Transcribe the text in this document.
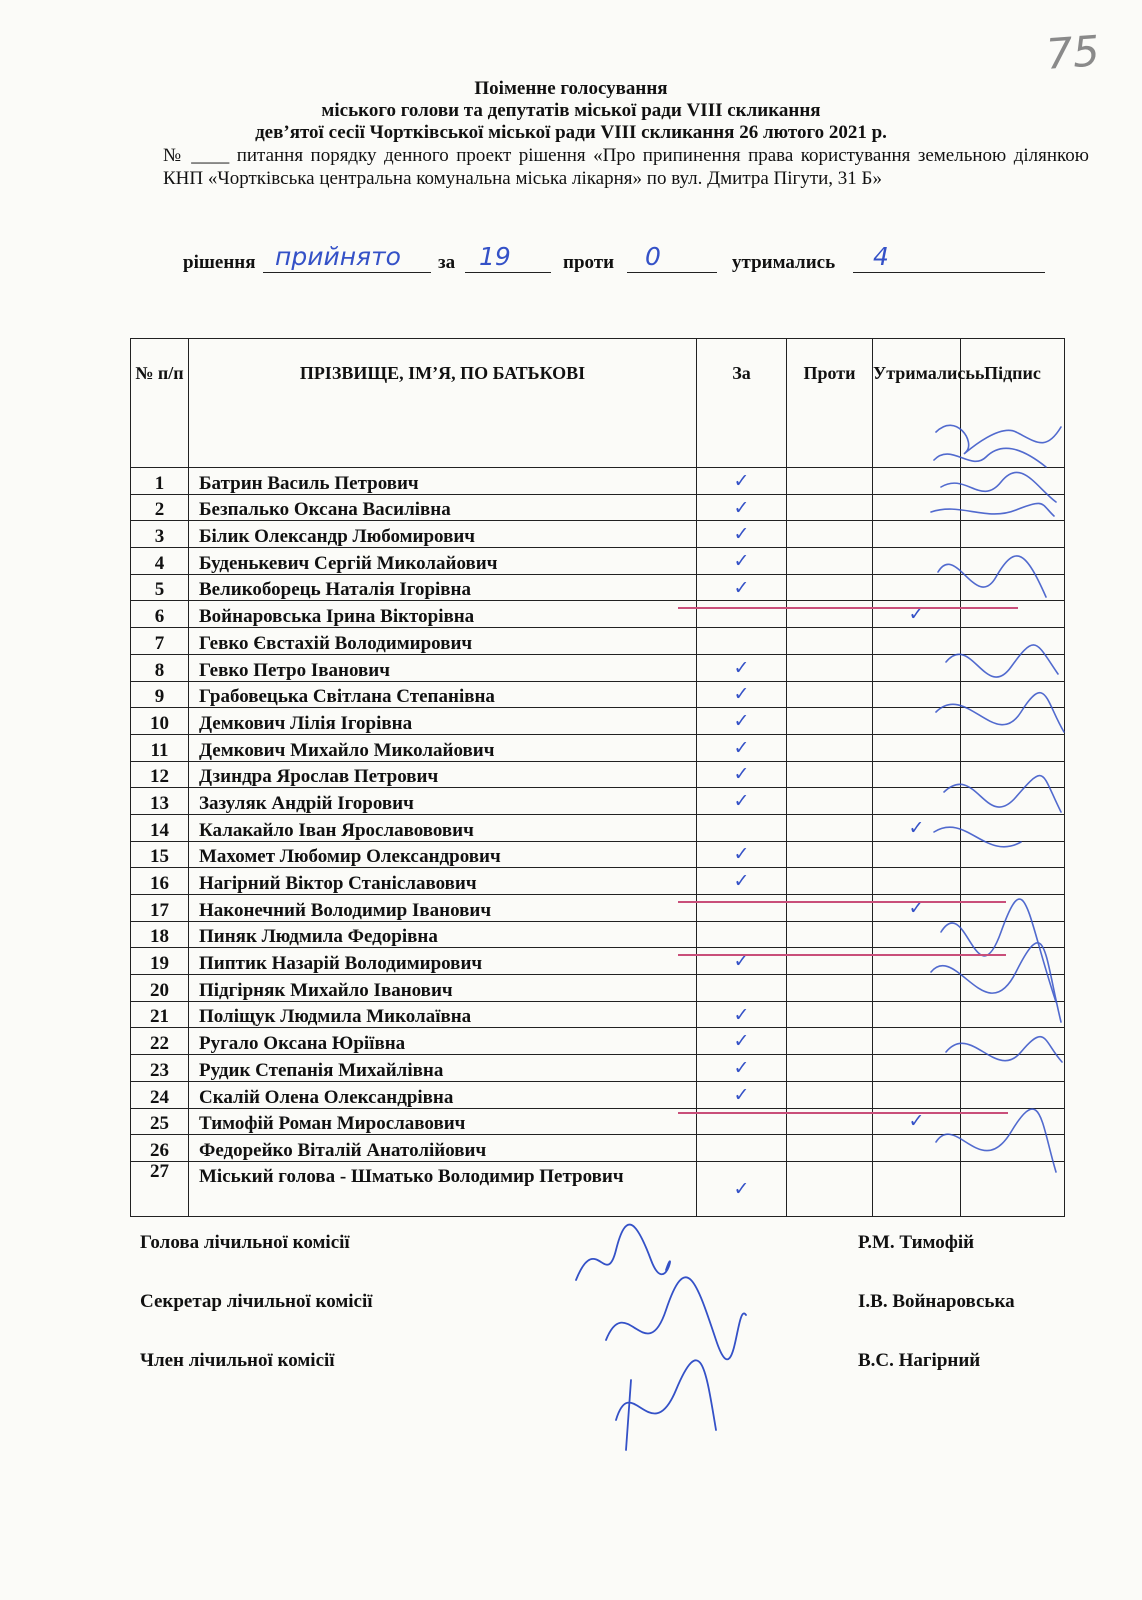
75
Поіменне голосування
міського голови та депутатів міської ради VIII скликання
дев’ятої сесії Чортківської міської ради VIII скликання 26 лютого 2021 р.
№ ____ питання порядку денного проект рішення «Про припинення права користування земельною ділянкою КНП «Чортківська центральна комунальна міська лікарня» по вул. Дмитра Пігути, 31 Б»
рішення прийнято за 19	проти 0	утримались 4
№ п/п	ПРІЗВИЩЕ, ІМ’Я, ПО БАТЬКОВІ	За	Проти	Утрималисьь	Підпис
1	Батрин Василь Петрович	✓			
2	Безпалько Оксана Василівна	✓			
3	Білик Олександр Любомирович	✓			
4	Буденькевич Сергій Миколайович	✓			
5	Великоборець Наталія Ігорівна	✓			
6	Войнаровська Ірина Вікторівна			✓	
7	Гевко Євстахій Володимирович				
8	Гевко Петро Іванович	✓			
9	Грабовецька Світлана Степанівна	✓			
10	Демкович Лілія Ігорівна	✓			
11	Демкович Михайло Миколайович	✓			
12	Дзиндра Ярослав Петрович	✓			
13	Зазуляк Андрій Ігорович	✓			
14	Калакайло Іван Ярославовович			✓	
15	Махомет Любомир Олександрович	✓			
16	Нагірний Віктор Станіславович	✓			
17	Наконечний Володимир Іванович			✓	
18	Пиняк Людмила Федорівна				
19	Пиптик Назарій Володимирович	✓			
20	Підгірняк Михайло Іванович				
21	Поліщук Людмила Миколаївна	✓			
22	Ругало Оксана Юріївна	✓			
23	Рудик Степанія Михайлівна	✓			
24	Скалій Олена Олександрівна	✓			
25	Тимофій Роман Мирославович			✓	
26	Федорейко Віталій Анатолійович				
27	Міський голова - Шматько Володимир Петрович	✓			
Голова лічильної комісії	Р.М. Тимофій
Секретар лічильної комісії	І.В. Войнаровська
Член лічильної комісії	В.С. Нагірний
